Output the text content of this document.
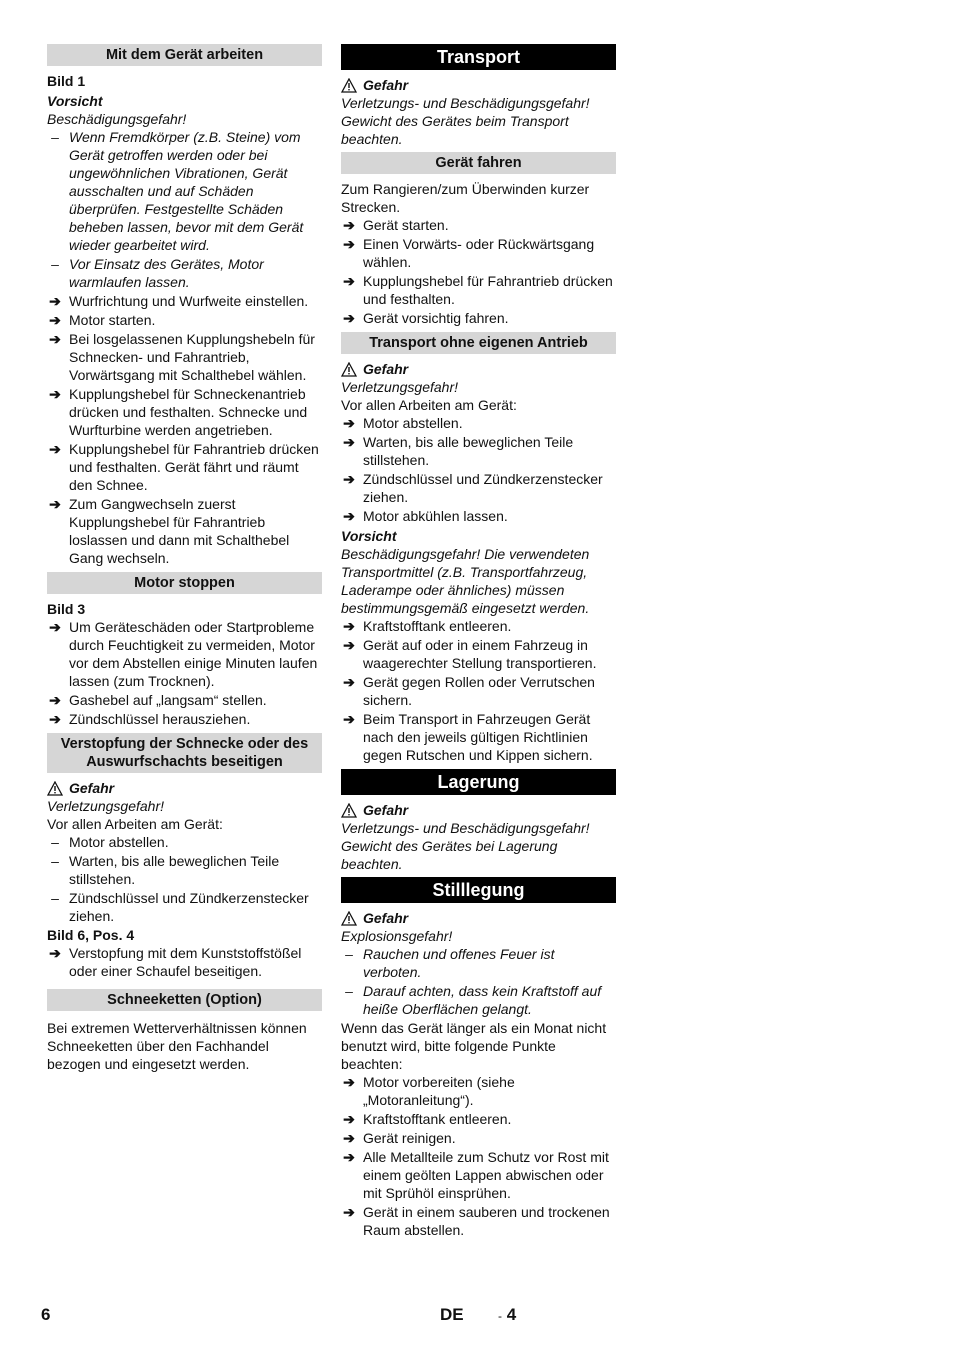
Mit dem Gerät arbeiten
Bild 1
Vorsicht
Beschädigungsgefahr!
– Wenn Fremdkörper (z.B. Steine) vom Gerät getroffen werden oder bei ungewöhnlichen Vibrationen, Gerät ausschalten und auf Schäden überprüfen. Festgestellte Schäden beheben lassen, bevor mit dem Gerät wieder gearbeitet wird.
– Vor Einsatz des Gerätes, Motor warmlaufen lassen.
➔ Wurfrichtung und Wurfweite einstellen.
➔ Motor starten.
➔ Bei losgelassenen Kupplungshebeln für Schnecken- und Fahrantrieb, Vorwärtsgang mit Schalthebel wählen.
➔ Kupplungshebel für Schneckenantrieb drücken und festhalten. Schnecke und Wurfturbine werden angetrieben.
➔ Kupplungshebel für Fahrantrieb drücken und festhalten. Gerät fährt und räumt den Schnee.
➔ Zum Gangwechseln zuerst Kupplungshebel für Fahrantrieb loslassen und dann mit Schalthebel Gang wechseln.
Motor stoppen
Bild 3
➔ Um Geräteschäden oder Startprobleme durch Feuchtigkeit zu vermeiden, Motor vor dem Abstellen einige Minuten laufen lassen (zum Trocknen).
➔ Gashebel auf „langsam“ stellen.
➔ Zündschlüssel herausziehen.
Verstopfung der Schnecke oder des Auswurfschachts beseitigen
Gefahr
Verletzungsgefahr!
Vor allen Arbeiten am Gerät:
– Motor abstellen.
– Warten, bis alle beweglichen Teile stillstehen.
– Zündschlüssel und Zündkerzenstecker ziehen.
Bild 6, Pos. 4
➔ Verstopfung mit dem Kunststoffstößel oder einer Schaufel beseitigen.
Schneeketten (Option)
Bei extremen Wetterverhältnissen können Schneeketten über den Fachhandel bezogen und eingesetzt werden.
Transport
Gefahr
Verletzungs- und Beschädigungsgefahr! Gewicht des Gerätes beim Transport beachten.
Gerät fahren
Zum Rangieren/zum Überwinden kurzer Strecken.
➔ Gerät starten.
➔ Einen Vorwärts- oder Rückwärtsgang wählen.
➔ Kupplungshebel für Fahrantrieb drücken und festhalten.
➔ Gerät vorsichtig fahren.
Transport ohne eigenen Antrieb
Gefahr
Verletzungsgefahr!
Vor allen Arbeiten am Gerät:
➔ Motor abstellen.
➔ Warten, bis alle beweglichen Teile stillstehen.
➔ Zündschlüssel und Zündkerzenstecker ziehen.
➔ Motor abkühlen lassen.
Vorsicht
Beschädigungsgefahr! Die verwendeten Transportmittel (z.B. Transportfahrzeug, Laderampe oder ähnliches) müssen bestimmungsgemäß eingesetzt werden.
➔ Kraftstofftank entleeren.
➔ Gerät auf oder in einem Fahrzeug in waagerechter Stellung transportieren.
➔ Gerät gegen Rollen oder Verrutschen sichern.
➔ Beim Transport in Fahrzeugen Gerät nach den jeweils gültigen Richtlinien gegen Rutschen und Kippen sichern.
Lagerung
Gefahr
Verletzungs- und Beschädigungsgefahr! Gewicht des Gerätes bei Lagerung beachten.
Stilllegung
Gefahr
Explosionsgefahr!
– Rauchen und offenes Feuer ist verboten.
– Darauf achten, dass kein Kraftstoff auf heiße Oberflächen gelangt.
Wenn das Gerät länger als ein Monat nicht benutzt wird, bitte folgende Punkte beachten:
➔ Motor vorbereiten (siehe „Motoranleitung“).
➔ Kraftstofftank entleeren.
➔ Gerät reinigen.
➔ Alle Metallteile zum Schutz vor Rost mit einem geölten Lappen abwischen oder mit Sprühöl einsprühen.
➔ Gerät in einem sauberen und trockenen Raum abstellen.
6	DE	- 4
